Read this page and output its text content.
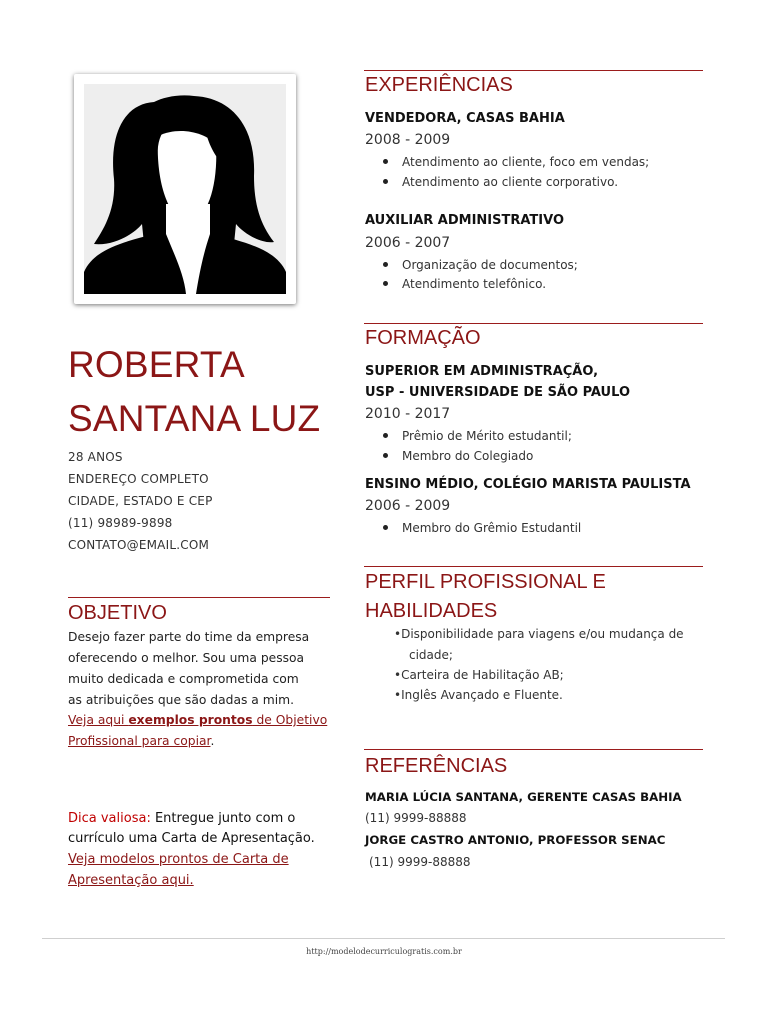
ROBERTA
SANTANA LUZ
28 ANOS
ENDEREÇO COMPLETO
CIDADE, ESTADO E CEP
(11) 98989-9898
CONTATO@EMAIL.COM
OBJETIVO
Desejo fazer parte do time da empresa
oferecendo o melhor. Sou uma pessoa
muito dedicada e comprometida com
as atribuições que são dadas a mim.
Veja aqui exemplos prontos de Objetivo
Profissional para copiar.
Dica valiosa: Entregue junto com o
currículo uma Carta de Apresentação.
Veja modelos prontos de Carta de
Apresentação aqui.
EXPERIÊNCIAS
VENDEDORA, CASAS BAHIA
2008 - 2009
Atendimento ao cliente, foco em vendas;
Atendimento ao cliente corporativo.
AUXILIAR ADMINISTRATIVO
2006 - 2007
Organização de documentos;
Atendimento telefônico.
FORMAÇÃO
SUPERIOR EM ADMINISTRAÇÃO,
USP - UNIVERSIDADE DE SÃO PAULO
2010 - 2017
Prêmio de Mérito estudantil;
Membro do Colegiado
ENSINO MÉDIO, COLÉGIO MARISTA PAULISTA
2006 - 2009
Membro do Grêmio Estudantil
PERFIL PROFISSIONAL E
HABILIDADES
•Disponibilidade para viagens e/ou mudança de
cidade;
•Carteira de Habilitação AB;
•Inglês Avançado e Fluente.
REFERÊNCIAS
MARIA LÚCIA SANTANA, GERENTE CASAS BAHIA
(11) 9999-88888
JORGE CASTRO ANTONIO, PROFESSOR SENAC
(11) 9999-88888
http://modelodecurriculogratis.com.br
